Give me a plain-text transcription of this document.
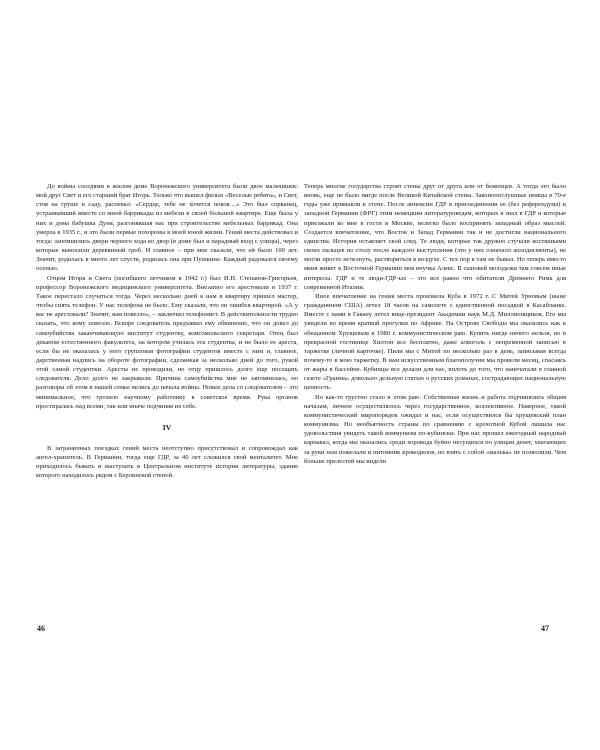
До войны соседями в жилом доме Воронежского университета были двое мальчишек: мой друг Свет и его старший брат Игорь. Только что вышел фильм «Веселые ребята», и Свет, стоя на грушe в саду, распевал: «Сердце, тебе не хочется покоя…» Это был сорванец, устраивавший вместе со мной баррикады из мебели в своей большой квартире. Еще была у них и дома бабушка Дуня, разгонявшая нас при строительстве мебельных баррикад. Она умерла в 1935 г., и это были первые похороны в моей юной жизни. Гений места действовал и тогда: запомнились двери черного хода во двор (в доме был и парадный вход с улицы), через которые выносили деревянный гроб. И главное – при мне сказали, что ей было 100 лет. Значит, родилась в много лет спустя, родилась она при Пушкине. Каждый радовался своему осенью.

Отцом Игоря и Света (погибшего летчиком в 1942 г.) был И.Н. Степанов-Григорьев, профессор Воронежского медицинского университета. Внезапно его арестовали в 1937 г. Такое перестало случаться тогда. Через несколько дней к нам в квартиру пришел мастер, чтобы снять телефон. У нас телефона не было. Ему сказали, что он ошибся квартирой. «А у вас не арестовали? Значит, вам повезло», – заключил телефонист. В действительности трудно сказать, что кому повезло. Вскоре следователь предъявил ему обвинение, что он довел до самоубийства заканчивающую институт студентку, комсомольского секретаря. Отец был деканом естественного факультета, на котором училась эта студентка, и не было ее ареста, если бы не оказалась у него групповая фотографии студентов вместе с ним и, главное, дарственная надпись на обороте фотографии, сделанная за несколько дней до того, рукой этой самой студентки. Аресты не проводили, но отцу пришлось долго еще посещать следователя. Дело долго не закрывали. Причина самоубийства мне не запомнилась, но разговоры об этом в нашей семье велись до начала войны. Новые дела со следователем – это минимальное, что грозило научному работнику в советское время. Рука органов простиралась над всеми, так или иначе подчиняя их себе.

IV

В заграничных поездках гений места неотступно присутствовал и сопровождал как ангел-хранитель. В Германии, тогда еще ГДР, за 40 лет сложился свой менталитет. Мне приходилось бывать и выступать в Центральном институте истории литературы, здание которого находилось рядом с Берлинской стеной.

46

Теперь многие государства строят стены друг от друга или от беженцев. А тогда это было вновь, еще не было нигде после Великой Китайской стены. Законопослушные немцы в 70-е годы уже привыкли к стене. После аннексии ГДР в присоединении ее (без референдума) к западной Германии (ФРГ) этим немецким литературоведам, которых я знал в ГДР и которые приезжали ко мне в гости в Москве, нелегко было воспринять западный образ мыслей. Создается впечатление, что Восток и Запад Германии так и не достигли национального единства. История оставляет свой след. Те люди, которые так дружно стучали костяшками своих пальцев по столу после каждого выступления (это у них означало аплодисменты), не могли просто исчезнуть, раствориться в воздухе. С тех пор я там не бывал. Но теперь вместо меня живет в Восточной Германии моя внучка Алекс. В сыновей молодежи там совсем иные интересы. ГДР и те люди-ГДР-ых – это все равно что обитатели Древнего Рима для современной Италии.

Иное впечатление на гения места произвела Куба в 1972 г. С Митей Урновым (ныне гражданином США) летел 18 часов на самолете с единственной посадкой в Касабланке. Вместе с нами в Гавану летел вице-президент Академии наук М.Д. Миллионщиков. Его мы увидели во время краткой прогулки по Африке. На Острове Свободы мы оказались как в обещанном Хрущевым к 1980 г. коммунистическом раю. Купить нигде ничего нельзя, но в прекрасной гостинице Хилтон все бесплатно, даже алкоголь с непременной записью в таржетке (личной карточке). Пили мы с Митей по несколько раз в день, записывая всегда почему-то в мою таржетку. В нам искусственным благополучии мы провели месяц, спасаясь от жары в бассейне. Кубинцы все делали для нас, вплоть до того, что напечатали в главной газете «Гранма» довольно дельную статью о русских романах, сострадающих национальную ценность.

Но как-то грустно стало в этом раю. Собственная жизнь и работа подчинялись общим началам, личное осуществлялось через государственное, коллективное. Наверное, такой коммунистический миропорядок ожидал и нас, если осуществился бы хрущевский план коммунизма. Но необъятность страны по сравнению с крохотной Кубой лишила нас удовольствия увидеть такой коммунизм по-кубински. При нас прошел ежегодный народный карнавал, когда мы оказались среди хоровода буйно несущихся по улицам денег, хватающих за руки нам пожелали и питомник крокодилов, но взять с собой «малька» не позволили. Чем больше прелестей мы видели

47
